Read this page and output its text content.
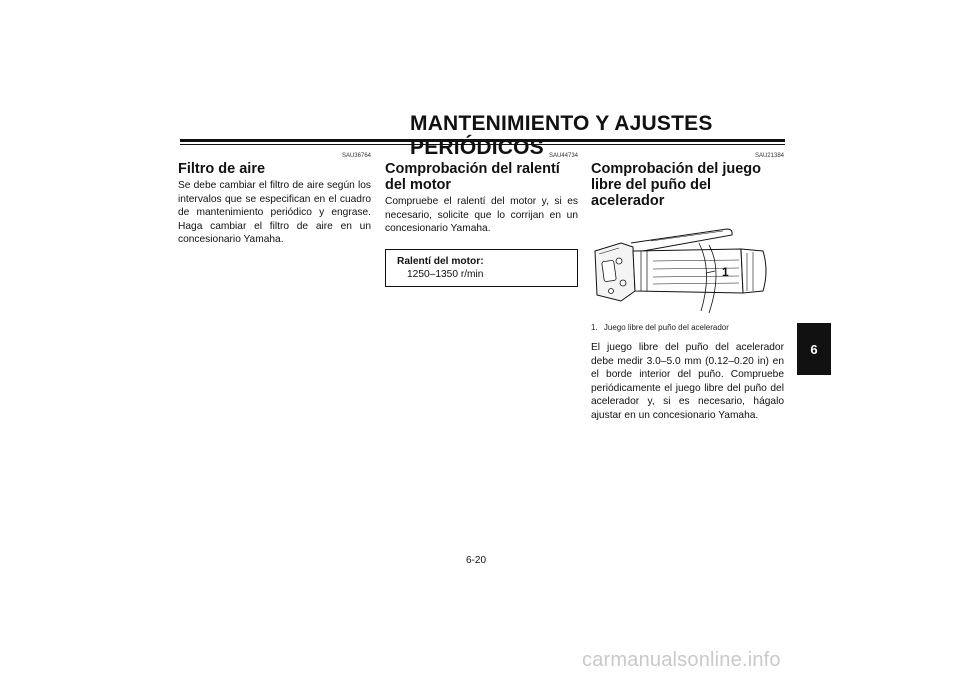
MANTENIMIENTO Y AJUSTES PERIÓDICOS
SAU36764
Filtro de aire

Se debe cambiar el filtro de aire según los intervalos que se especifican en el cuadro de mantenimiento periódico y engrase. Haga cambiar el filtro de aire en un concesionario Yamaha.

SAU44734
Comprobación del ralentí del motor

Compruebe el ralentí del motor y, si es necesario, solicite que lo corrijan en un concesionario Yamaha.

Ralentí del motor:
1250–1350 r/min
SAU21384
Comprobación del juego libre del puño del acelerador
1
1. Juego libre del puño del acelerador

El juego libre del puño del acelerador debe medir 3.0–5.0 mm (0.12–0.20 in) en el borde interior del puño. Compruebe periódicamente el juego libre del puño del acelerador y, si es necesario, hágalo ajustar en un concesionario Yamaha.

6
6-20
carmanualsonline.info
